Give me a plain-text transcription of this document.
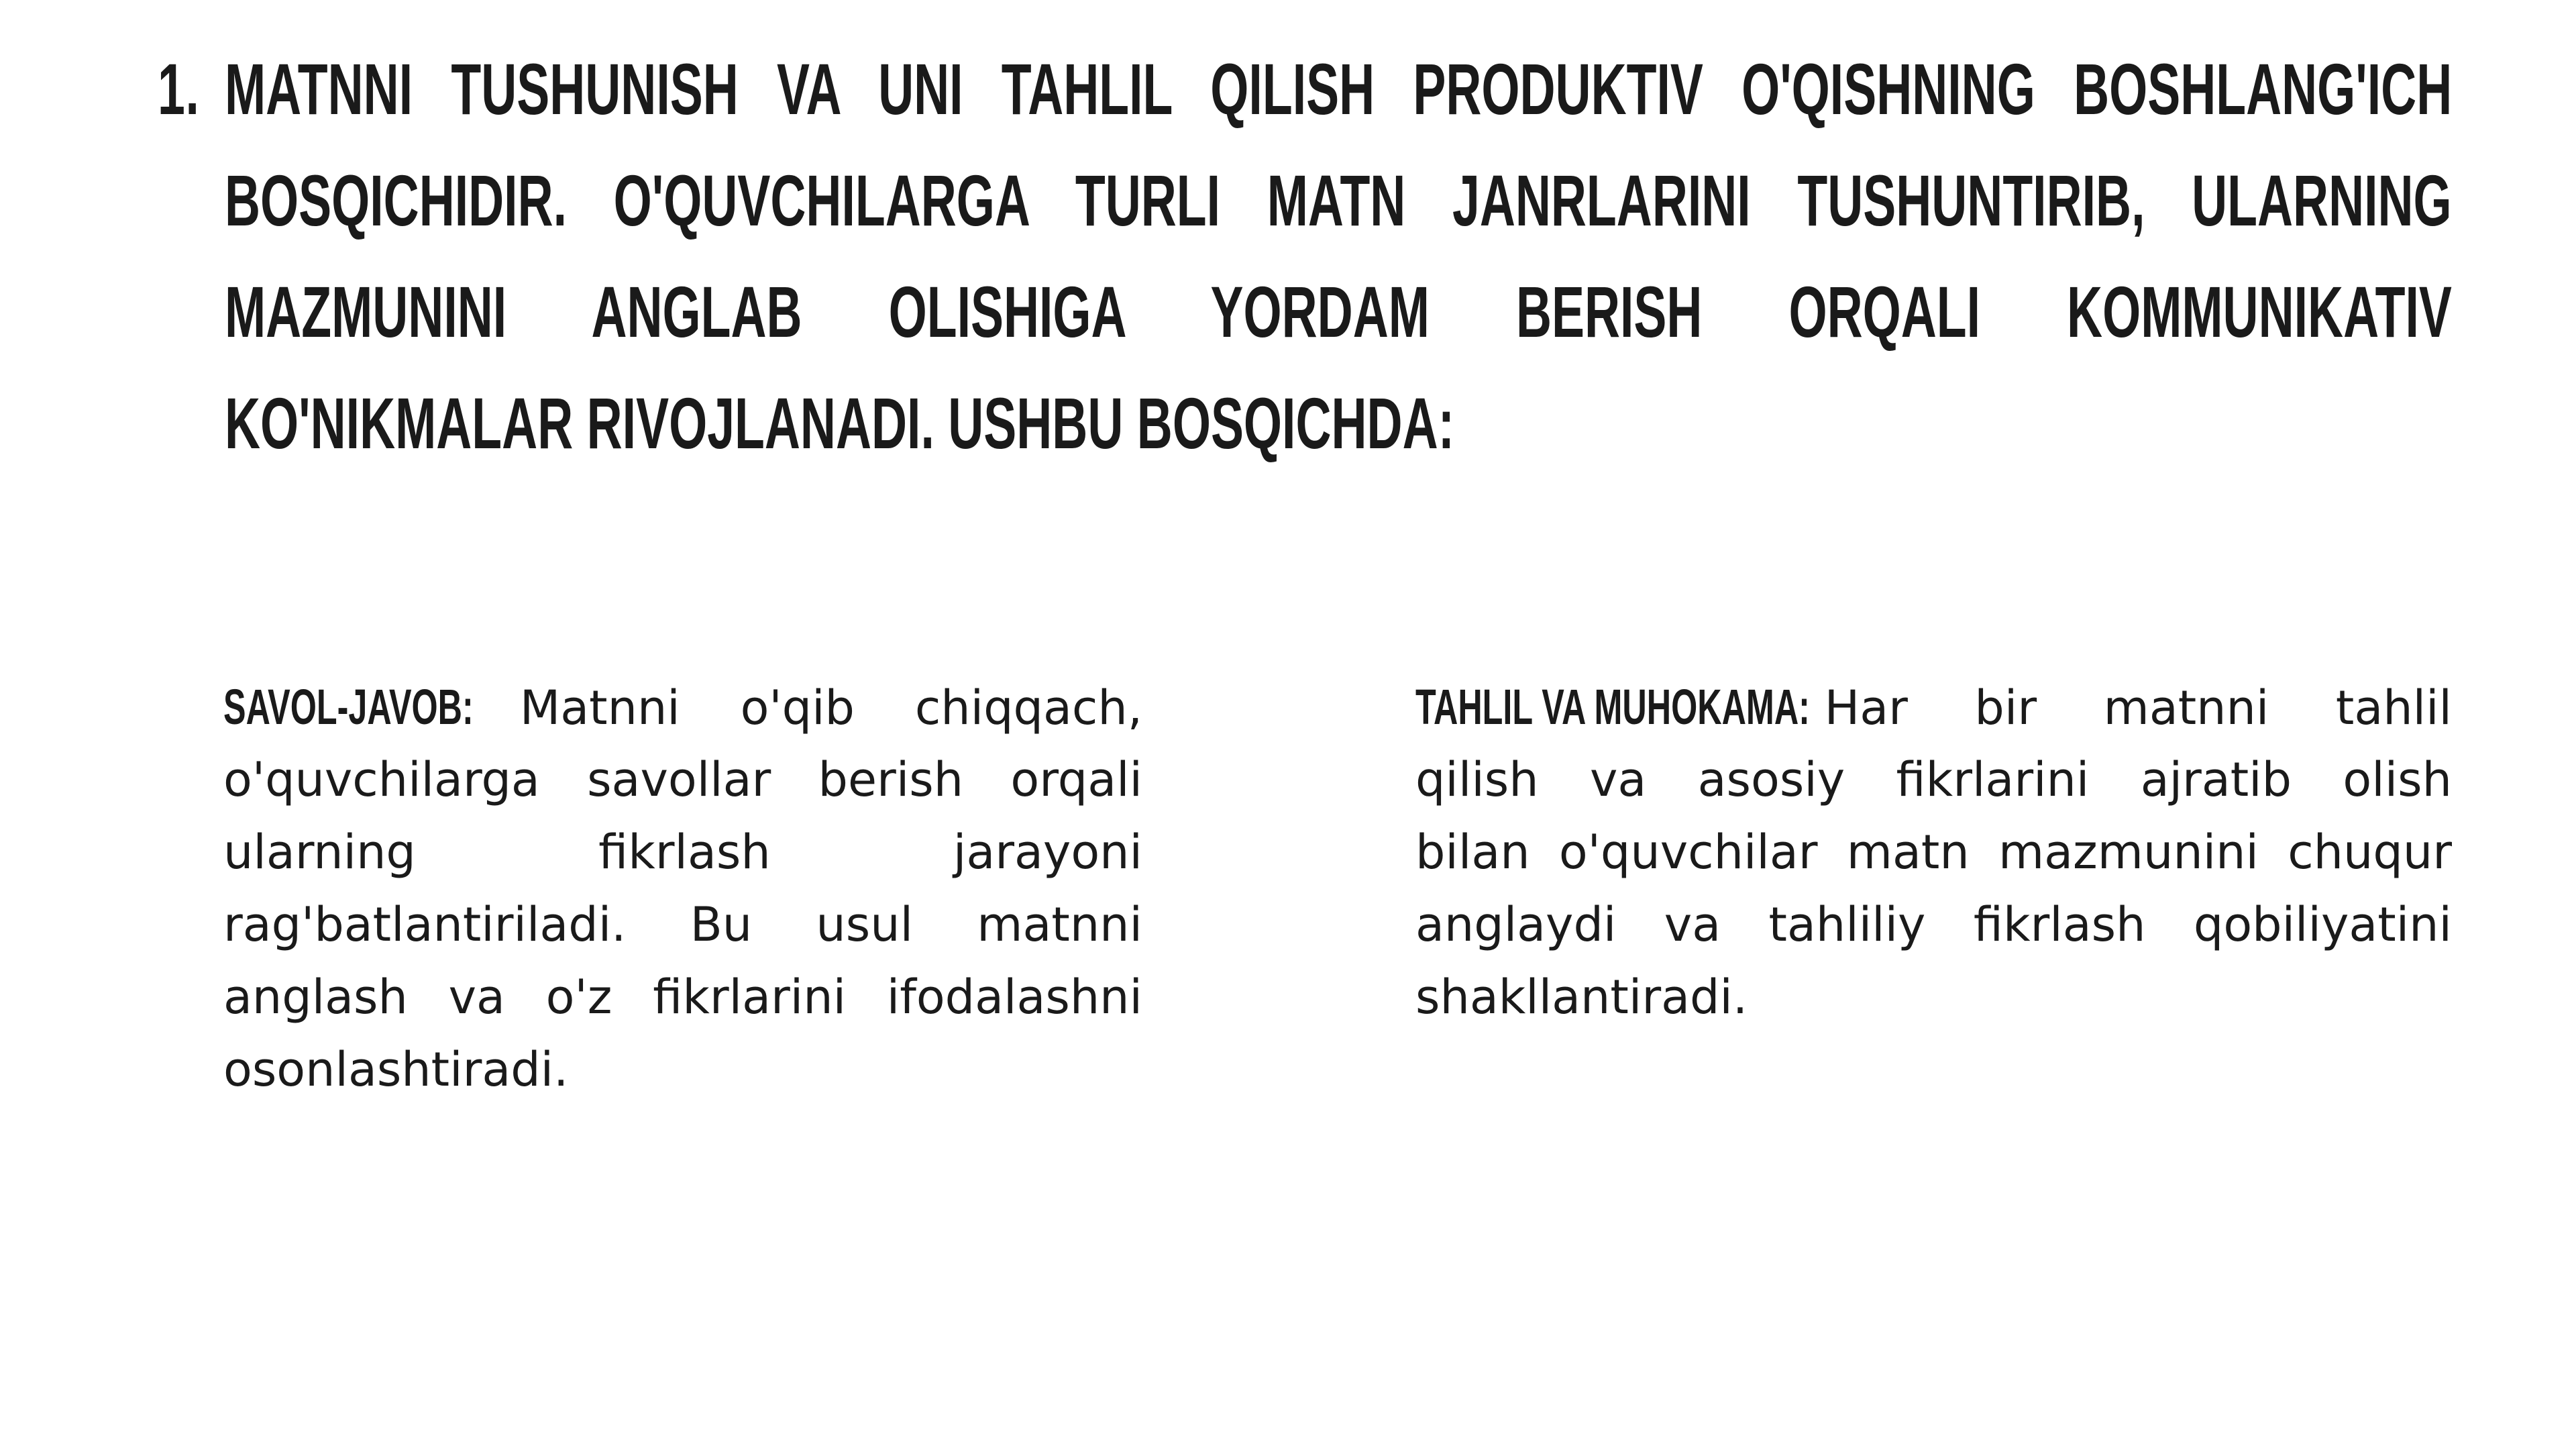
1. MATNNI TUSHUNISH VA UNI TAHLIL QILISH PRODUKTIV O'QISHNING BOSHLANG'ICH
BOSQICHIDIR. O'QUVCHILARGA TURLI MATN JANRLARINI TUSHUNTIRIB, ULARNING
MAZMUNINI ANGLAB OLISHIGA YORDAM BERISH ORQALI KOMMUNIKATIV
KO'NIKMALAR RIVOJLANADI. USHBU BOSQICHDA:
SAVOL-JAVOB: Matnni o'qib chiqqach,
o'quvchilarga savollar berish orqali
ularning fikrlash jarayoni
rag'batlantiriladi. Bu usul matnni
anglash va o'z fikrlarini ifodalashni
osonlashtiradi.
TAHLIL VA MUHOKAMA: Har bir matnni tahlil
qilish va asosiy fikrlarini ajratib olish
bilan o'quvchilar matn mazmunini chuqur
anglaydi va tahliliy fikrlash qobiliyatini
shakllantiradi.
